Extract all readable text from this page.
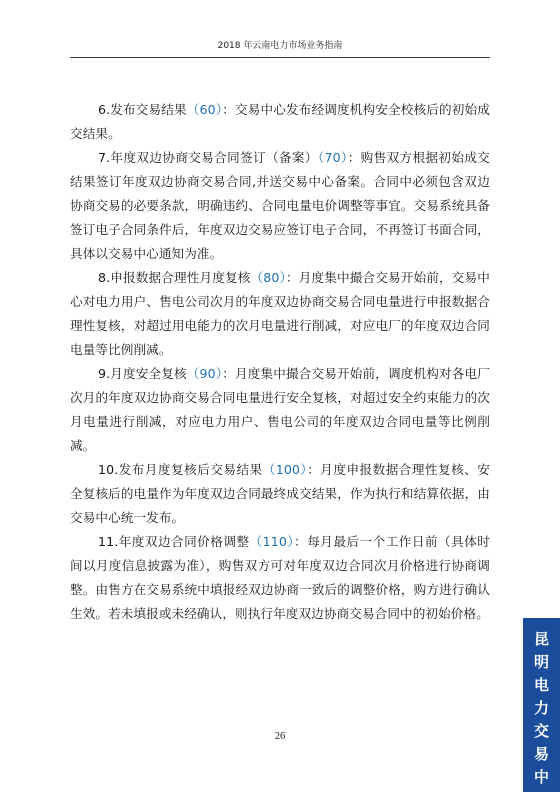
2018 年云南电力市场业务指南

6.发布交易结果（60）：交易中心发布经调度机构安全校核后的初始成交结果。

7.年度双边协商交易合同签订（备案）（70）：购售双方根据初始成交结果签订年度双边协商交易合同,并送交易中心备案。合同中必须包含双边协商交易的必要条款，明确违约、合同电量电价调整等事宜。交易系统具备签订电子合同条件后，年度双边交易应签订电子合同，不再签订书面合同，具体以交易中心通知为准。

8.申报数据合理性月度复核（80）：月度集中撮合交易开始前，交易中心对电力用户、售电公司次月的年度双边协商交易合同电量进行申报数据合理性复核，对超过用电能力的次月电量进行削减，对应电厂的年度双边合同电量等比例削减。

9.月度安全复核（90）：月度集中撮合交易开始前，调度机构对各电厂次月的年度双边协商交易合同电量进行安全复核，对超过安全约束能力的次月电量进行削减，对应电力用户、售电公司的年度双边合同电量等比例削减。

10.发布月度复核后交易结果（100）：月度申报数据合理性复核、安全复核后的电量作为年度双边合同最终成交结果，作为执行和结算依据，由交易中心统一发布。

11.年度双边合同价格调整（110）：每月最后一个工作日前（具体时间以月度信息披露为准），购售双方可对年度双边合同次月价格进行协商调整。由售方在交易系统中填报经双边协商一致后的调整价格，购方进行确认生效。若未填报或未经确认，则执行年度双边协商交易合同中的初始价格。

26
昆明电力交易中心
